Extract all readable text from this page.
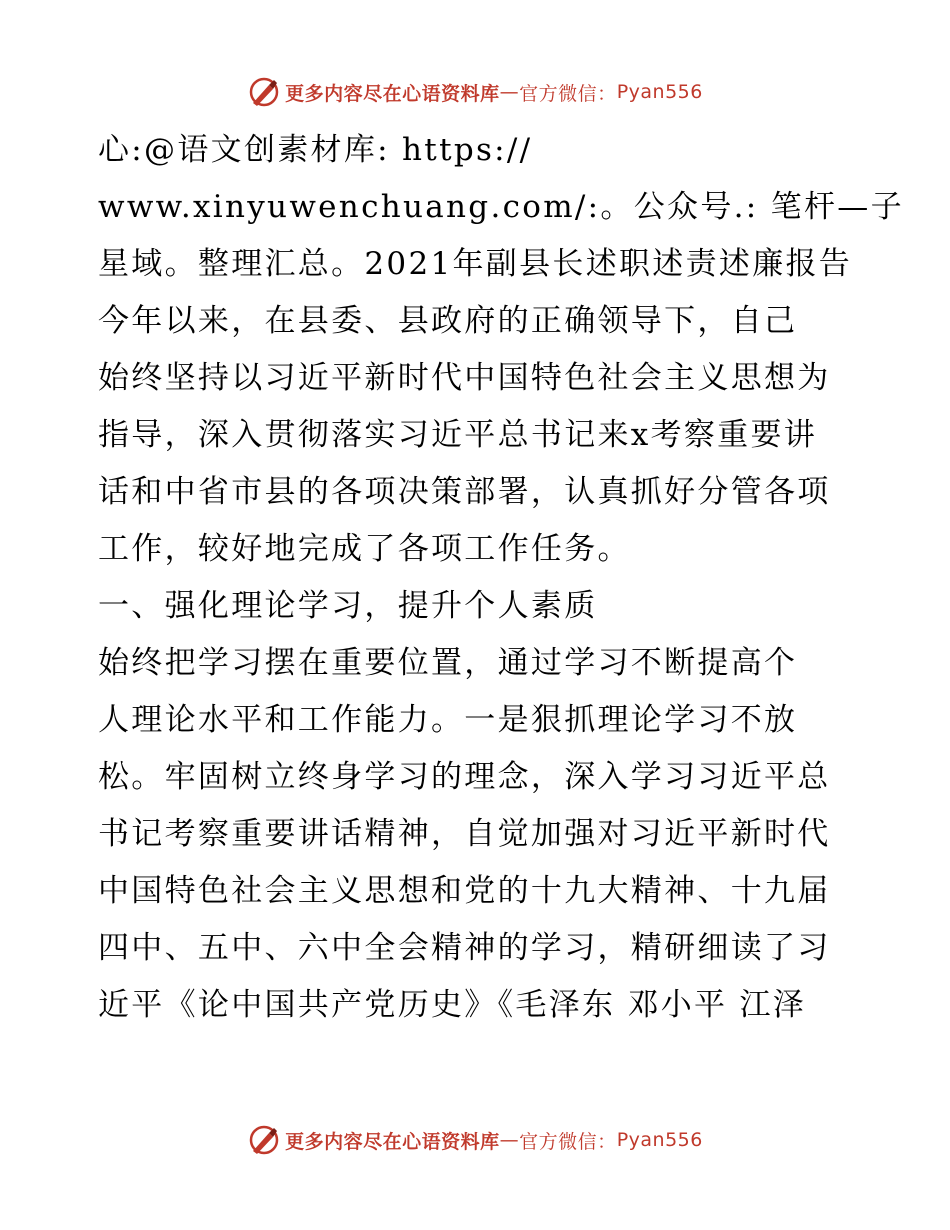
更多内容尽在心语资料库 — 官方微信： Pyan556
心:@语文创素材库: https://
www.xinyuwenchuang.com/:。公众号.: 笔杆—子
星域。整理汇总。2021年副县长述职述责述廉报告
今年以来，在县委、县政府的正确领导下，自己
始终坚持以习近平新时代中国特色社会主义思想为
指导，深入贯彻落实习近平总书记来x考察重要讲
话和中省市县的各项决策部署，认真抓好分管各项
工作，较好地完成了各项工作任务。
一、强化理论学习，提升个人素质
始终把学习摆在重要位置，通过学习不断提高个
人理论水平和工作能力。一是狠抓理论学习不放
松。牢固树立终身学习的理念，深入学习习近平总
书记考察重要讲话精神，自觉加强对习近平新时代
中国特色社会主义思想和党的十九大精神、十九届
四中、五中、六中全会精神的学习，精研细读了习
近平《论中国共产党历史》《毛泽东 邓小平 江泽
更多内容尽在心语资料库 — 官方微信： Pyan556
